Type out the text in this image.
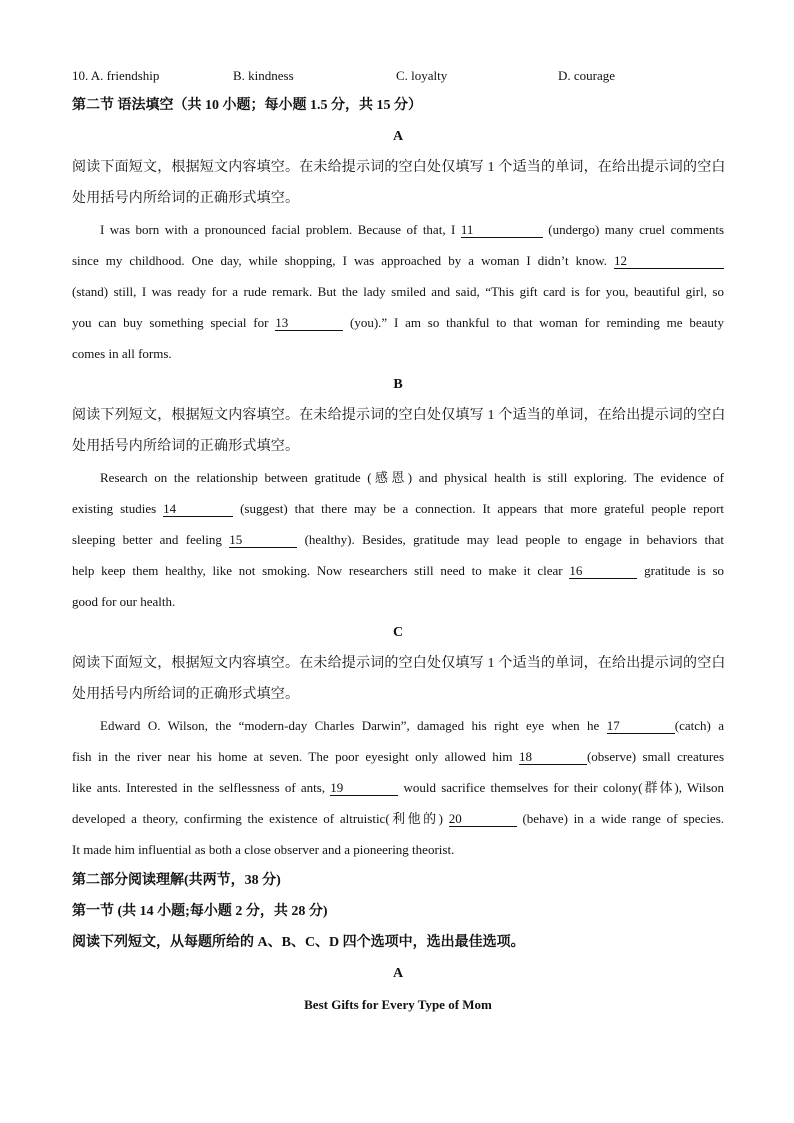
10. A. friendship	B. kindness	C. loyalty	D. courage
第二节 语法填空（共 10 小题；每小题 1.5 分，共 15 分）
A
阅读下面短文，根据短文内容填空。在未给提示词的空白处仅填写 1 个适当的单词，在给出提示词的空白
处用括号内所给词的正确形式填空。
I was born with a pronounced facial problem. Because of that, I 11	(undergo) many cruel comments
since my childhood. One day, while shopping, I was approached by a woman I didn’t know. 12
(stand) still, I was ready for a rude remark. But the lady smiled and said, “This gift card is for you, beautiful girl, so
you can buy something special for 13	(you).” I am so thankful to that woman for reminding me beauty
comes in all forms.
B
阅读下列短文，根据短文内容填空。在未给提示词的空白处仅填写 1 个适当的单词，在给出提示词的空白
处用括号内所给词的正确形式填空。
Research on the relationship between gratitude (感恩) and physical health is still exploring. The evidence of
existing studies 14	(suggest) that there may be a connection. It appears that more grateful people report
sleeping better and feeling 15	(healthy). Besides, gratitude may lead people to engage in behaviors that
help keep them healthy, like not smoking. Now researchers still need to make it clear 16	gratitude is so
good for our health.
C
阅读下面短文，根据短文内容填空。在未给提示词的空白处仅填写 1 个适当的单词，在给出提示词的空白
处用括号内所给词的正确形式填空。
Edward O. Wilson, the “modern-day Charles Darwin”, damaged his right eye when he 17	(catch) a
fish in the river near his home at seven. The poor eyesight only allowed him 18	(observe) small creatures
like ants. Interested in the selflessness of ants, 19	would sacrifice themselves for their colony(群体), Wilson
developed a theory, confirming the existence of altruistic(利他的) 20	(behave) in a wide range of species.
It made him influential as both a close observer and a pioneering theorist.
第二部分阅读理解(共两节，38 分)
第一节 (共 14 小题;每小题 2 分，共 28 分)
阅读下列短文，从每题所给的 A、B、C、D 四个选项中，选出最佳选项。
A
Best Gifts for Every Type of Mom
